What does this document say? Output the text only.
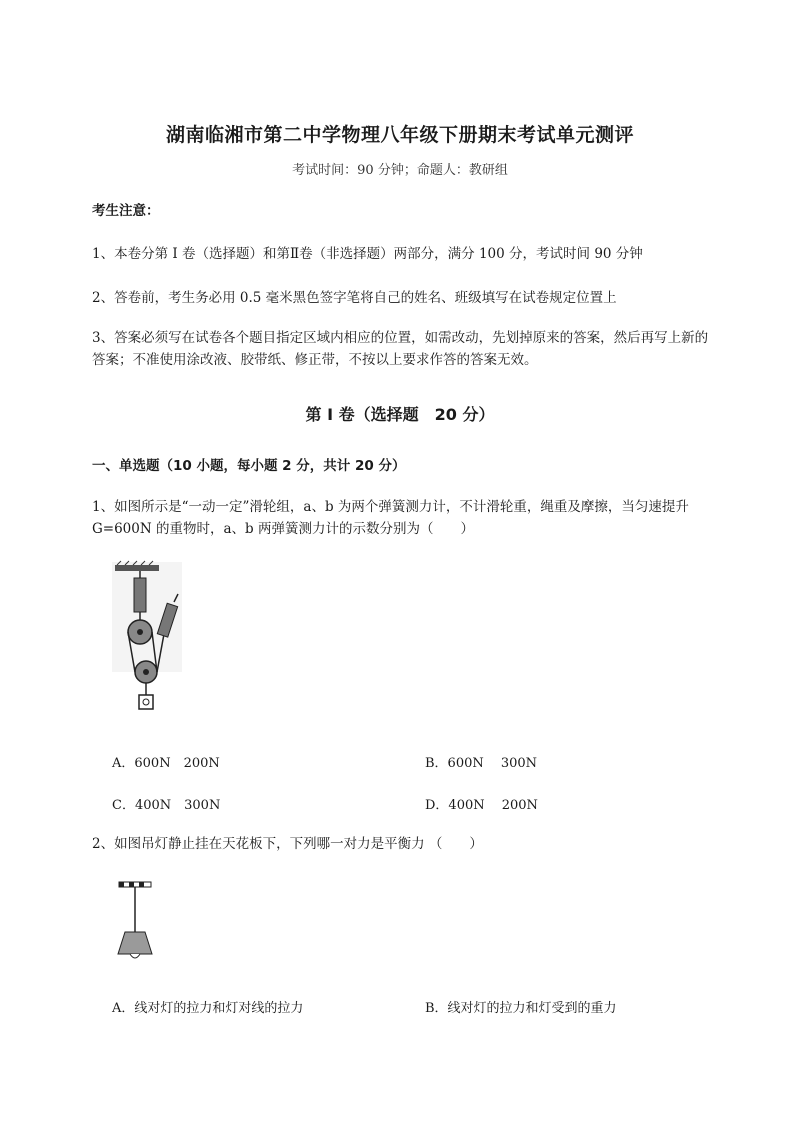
湖南临湘市第二中学物理八年级下册期末考试单元测评
考试时间：90 分钟；命题人：教研组
考生注意：
1、本卷分第 I 卷（选择题）和第Ⅱ卷（非选择题）两部分，满分 100 分，考试时间 90 分钟
2、答卷前，考生务必用 0.5 毫米黑色签字笔将自己的姓名、班级填写在试卷规定位置上
3、答案必须写在试卷各个题目指定区域内相应的位置，如需改动，先划掉原来的答案，然后再写上新的答案；不准使用涂改液、胶带纸、修正带，不按以上要求作答的答案无效。
第 I 卷（选择题　20 分）
一、单选题（10 小题，每小题 2 分，共计 20 分）
1、如图所示是“一动一定”滑轮组，a、b 为两个弹簧测力计，不计滑轮重，绳重及摩擦，当匀速提升 G=600N 的重物时，a、b 两弹簧测力计的示数分别为（　　）
A．600N　200N	B．600N　 300N
C．400N　300N	D．400N　 200N
2、如图吊灯静止挂在天花板下，下列哪一对力是平衡力 （　　）
A．线对灯的拉力和灯对线的拉力	B．线对灯的拉力和灯受到的重力
